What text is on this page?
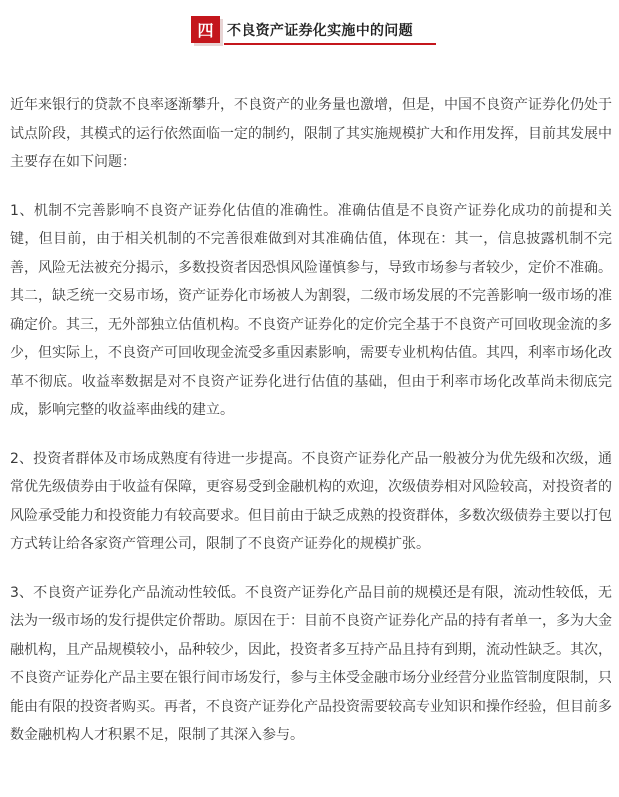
四 不良资产证券化实施中的问题

近年来银行的贷款不良率逐渐攀升，不良资产的业务量也激增，但是，中国不良资产证券化仍处于试点阶段，其模式的运行依然面临一定的制约，限制了其实施规模扩大和作用发挥，目前其发展中主要存在如下问题：

1、机制不完善影响不良资产证券化估值的准确性。准确估值是不良资产证券化成功的前提和关键，但目前，由于相关机制的不完善很难做到对其准确估值，体现在：其一，信息披露机制不完善，风险无法被充分揭示，多数投资者因恐惧风险谨慎参与，导致市场参与者较少，定价不准确。其二，缺乏统一交易市场，资产证券化市场被人为割裂，二级市场发展的不完善影响一级市场的准确定价。其三，无外部独立估值机构。不良资产证券化的定价完全基于不良资产可回收现金流的多少，但实际上，不良资产可回收现金流受多重因素影响，需要专业机构估值。其四，利率市场化改革不彻底。收益率数据是对不良资产证券化进行估值的基础，但由于利率市场化改革尚未彻底完成，影响完整的收益率曲线的建立。

2、投资者群体及市场成熟度有待进一步提高。不良资产证券化产品一般被分为优先级和次级，通常优先级债券由于收益有保障，更容易受到金融机构的欢迎，次级债券相对风险较高，对投资者的风险承受能力和投资能力有较高要求。但目前由于缺乏成熟的投资群体，多数次级债券主要以打包方式转让给各家资产管理公司，限制了不良资产证券化的规模扩张。

3、不良资产证券化产品流动性较低。不良资产证券化产品目前的规模还是有限，流动性较低，无法为一级市场的发行提供定价帮助。原因在于：目前不良资产证券化产品的持有者单一，多为大金融机构，且产品规模较小，品种较少，因此，投资者多互持产品且持有到期，流动性缺乏。其次，不良资产证券化产品主要在银行间市场发行，参与主体受金融市场分业经营分业监管制度限制，只能由有限的投资者购买。再者，不良资产证券化产品投资需要较高专业知识和操作经验，但目前多数金融机构人才积累不足，限制了其深入参与。
